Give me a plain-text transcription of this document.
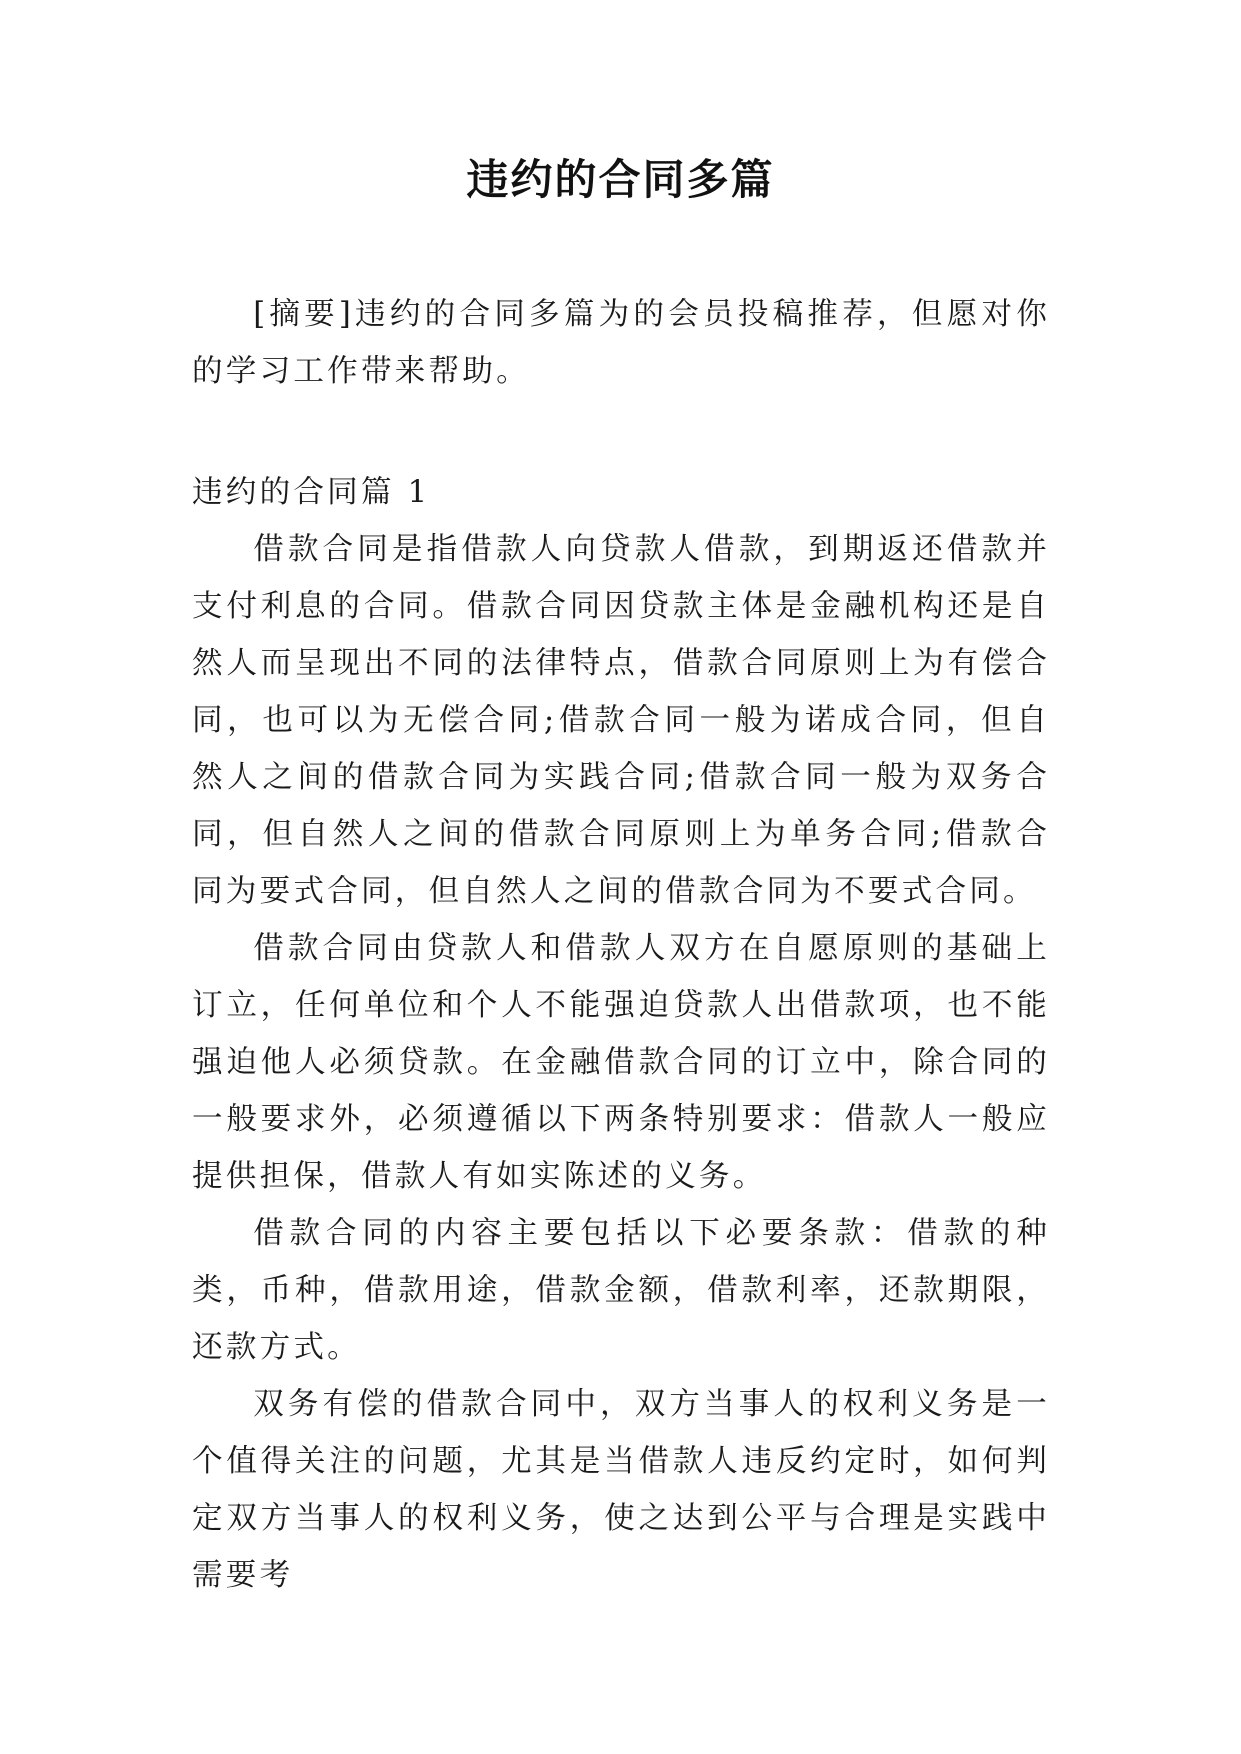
违约的合同多篇

[摘要]违约的合同多篇为的会员投稿推荐，但愿对你的学习工作带来帮助。

违约的合同篇 1

借款合同是指借款人向贷款人借款，到期返还借款并支付利息的合同。借款合同因贷款主体是金融机构还是自然人而呈现出不同的法律特点，借款合同原则上为有偿合同，也可以为无偿合同;借款合同一般为诺成合同，但自然人之间的借款合同为实践合同;借款合同一般为双务合同，但自然人之间的借款合同原则上为单务合同;借款合同为要式合同，但自然人之间的借款合同为不要式合同。

借款合同由贷款人和借款人双方在自愿原则的基础上订立，任何单位和个人不能强迫贷款人出借款项，也不能强迫他人必须贷款。在金融借款合同的订立中，除合同的一般要求外，必须遵循以下两条特别要求：借款人一般应提供担保，借款人有如实陈述的义务。

借款合同的内容主要包括以下必要条款：借款的种类，币种，借款用途，借款金额，借款利率，还款期限，还款方式。

双务有偿的借款合同中，双方当事人的权利义务是一个值得关注的问题，尤其是当借款人违反约定时，如何判定双方当事人的权利义务，使之达到公平与合理是实践中需要考
